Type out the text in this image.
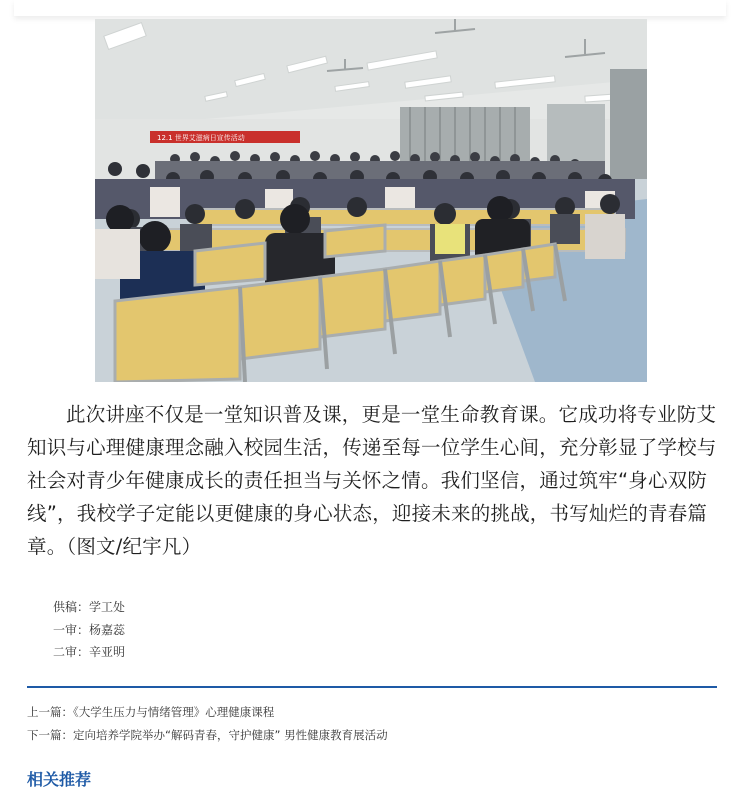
12.1 世界艾滋病日宣传活动

此次讲座不仅是一堂知识普及课，更是一堂生命教育课。它成功将专业防艾知识与心理健康理念融入校园生活，传递至每一位学生心间，充分彰显了学校与社会对青少年健康成长的责任担当与关怀之情。我们坚信，通过筑牢“身心双防线”，我校学子定能以更健康的身心状态，迎接未来的挑战，书写灿烂的青春篇章。（图文/纪宇凡）

供稿：学工处
一审：杨嘉蕊
二审：辛亚明
上一篇：《大学生压力与情绪管理》心理健康课程
下一篇：定向培养学院举办“解码青春，守护健康” 男性健康教育展活动
相关推荐
